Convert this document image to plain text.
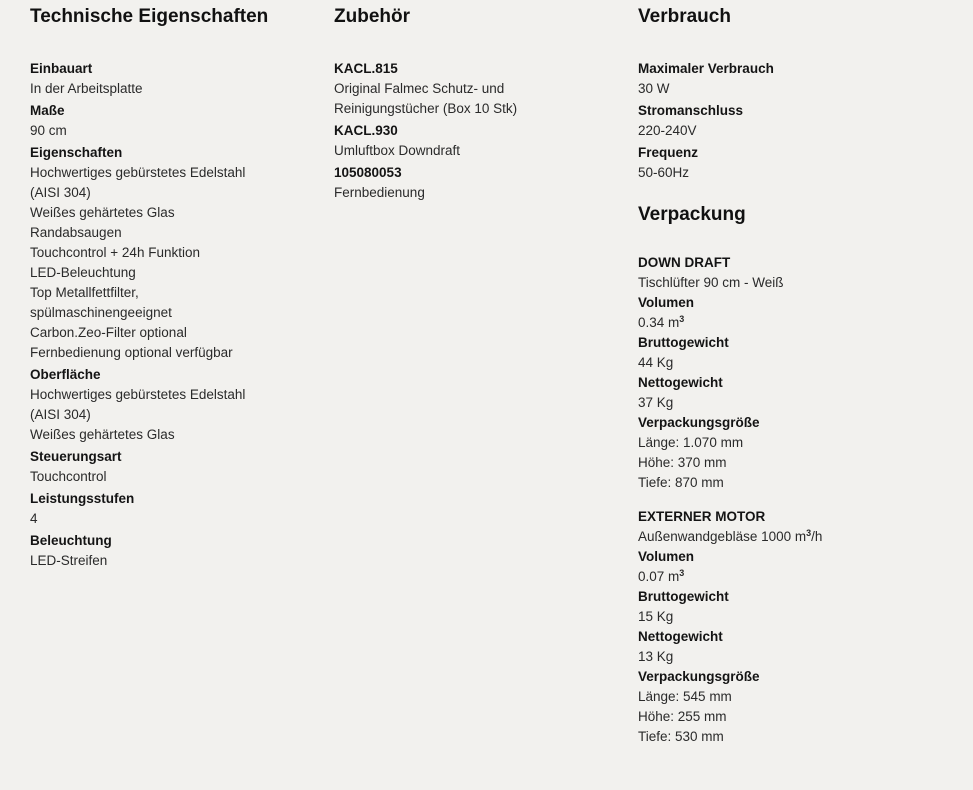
Technische Eigenschaften
Einbauart
In der Arbeitsplatte
Maße
90 cm
Eigenschaften
Hochwertiges gebürstetes Edelstahl
(AISI 304)
Weißes gehärtetes Glas
Randabsaugen
Touchcontrol + 24h Funktion
LED-Beleuchtung
Top Metallfettfilter,
spülmaschinengeeignet
Carbon.Zeo-Filter optional
Fernbedienung optional verfügbar
Oberfläche
Hochwertiges gebürstetes Edelstahl
(AISI 304)
Weißes gehärtetes Glas
Steuerungsart
Touchcontrol
Leistungsstufen
4
Beleuchtung
LED-Streifen
Zubehör
KACL.815
Original Falmec Schutz- und
Reinigungstücher (Box 10 Stk)
KACL.930
Umluftbox Downdraft
105080053
Fernbedienung
Verbrauch
Maximaler Verbrauch
30 W
Stromanschluss
220-240V
Frequenz
50-60Hz
Verpackung
DOWN DRAFT
Tischlüfter 90 cm - Weiß
Volumen
0.34 $m^3$
Bruttogewicht
44 Kg
Nettogewicht
37 Kg
Verpackungsgröße
Länge: 1.070 mm
Höhe: 370 mm
Tiefe: 870 mm
EXTERNER MOTOR
Außenwandgebläse 1000 $m^3/h$
Volumen
0.07 $m^3$
Bruttogewicht
15 Kg
Nettogewicht
13 Kg
Verpackungsgröße
Länge: 545 mm
Höhe: 255 mm
Tiefe: 530 mm
